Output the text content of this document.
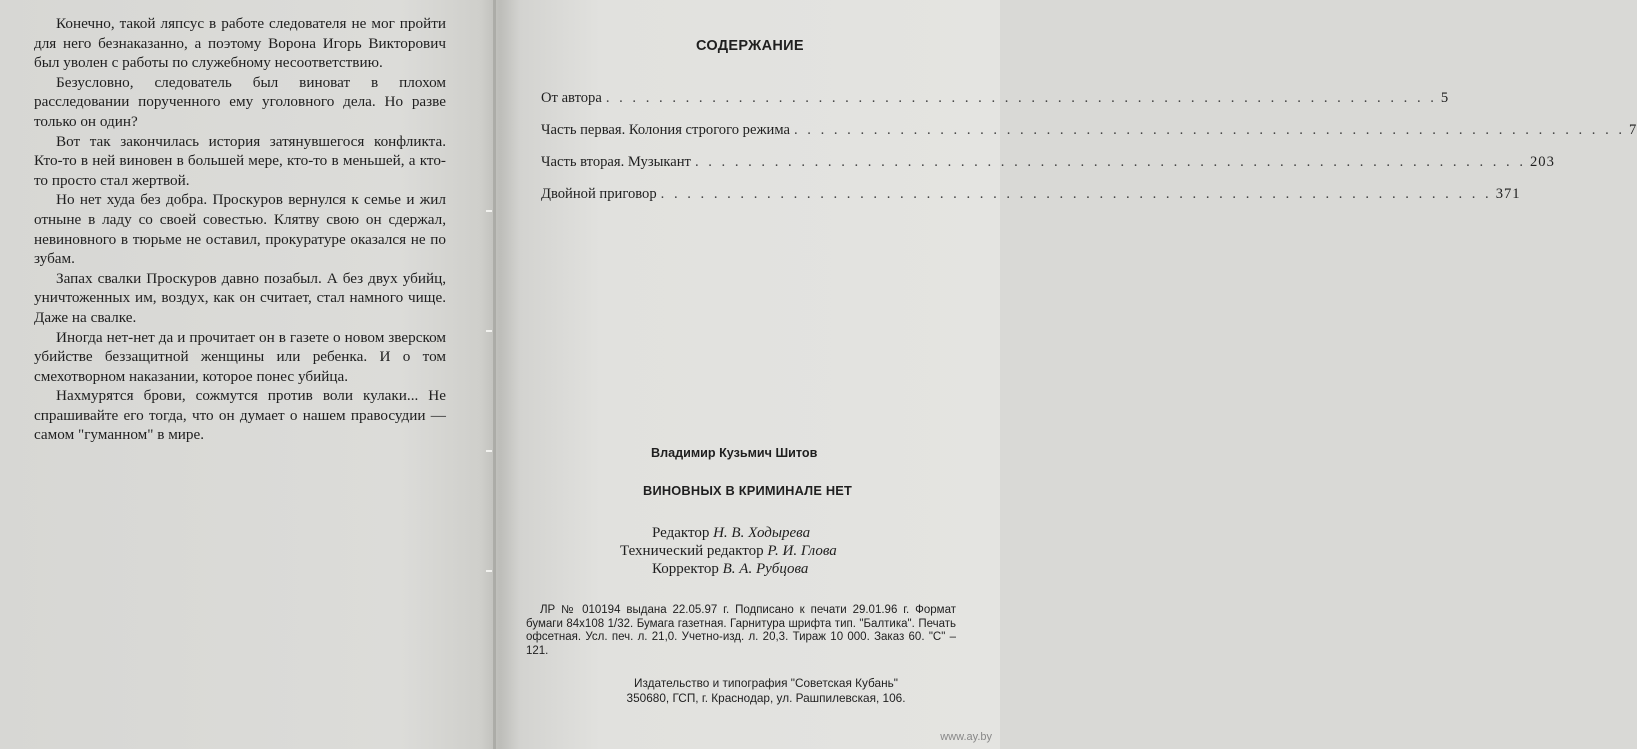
Конечно, такой ляпсус в работе следователя не мог пройти для него безнаказанно, а поэтому Ворона Игорь Викторович был уволен с работы по служебному несоответствию.

Безусловно, следователь был виноват в плохом расследовании порученного ему уголовного дела. Но разве только он один?

Вот так закончилась история затянувшегося конфликта. Кто-то в ней виновен в большей мере, кто-то в меньшей, а кто-то просто стал жертвой.

Но нет худа без добра. Проскуров вернулся к семье и жил отныне в ладу со своей совестью. Клятву свою он сдержал, невиновного в тюрьме не оставил, прокуратуре оказался не по зубам.

Запах свалки Проскуров давно позабыл. А без двух убийц, уничтоженных им, воздух, как он считает, стал намного чище. Даже на свалке.

Иногда нет-нет да и прочитает он в газете о новом зверском убийстве беззащитной женщины или ребенка. И о том смехотворном наказании, которое понес убийца.

Нахмурятся брови, сожмутся против воли кулаки... Не спрашивайте его тогда, что он думает о нашем правосудии — самом "гуманном" в мире.

СОДЕРЖАНИЕ
От автора . . . . . . . . . . . . . . . . . . . . . . . . . . . . . . . . . . . . . . . . . . . . . . . . . . . . . . . . . . . . . . . 5
Часть первая. Колония строгого режима . . . . . . . . . . . . . . . . . . . . . . . . . . . . . . . . . . . . . . . . . . . . . . . . . . . . . . . . . . . . . . . 7
Часть вторая. Музыкант . . . . . . . . . . . . . . . . . . . . . . . . . . . . . . . . . . . . . . . . . . . . . . . . . . . . . . . . . . . . . . . 203
Двойной приговор . . . . . . . . . . . . . . . . . . . . . . . . . . . . . . . . . . . . . . . . . . . . . . . . . . . . . . . . . . . . . . . 371
Владимир Кузьмич Шитов
ВИНОВНЫХ В КРИМИНАЛЕ НЕТ
Редактор Н. В. Ходырева
Технический редактор Р. И. Глова
Корректор В. А. Рубцова

ЛР № 010194 выдана 22.05.97 г. Подписано к печати 29.01.96 г. Формат бумаги 84х108 1/32. Бумага газетная. Гарнитура шрифта тип. "Балтика". Печать офсетная. Усл. печ. л. 21,0. Учетно-изд. л. 20,3. Тираж 10 000. Заказ 60. "С" – 121.

Издательство и типография "Советская Кубань"
350680, ГСП, г. Краснодар, ул. Рашпилевская, 106.
www.ay.by
